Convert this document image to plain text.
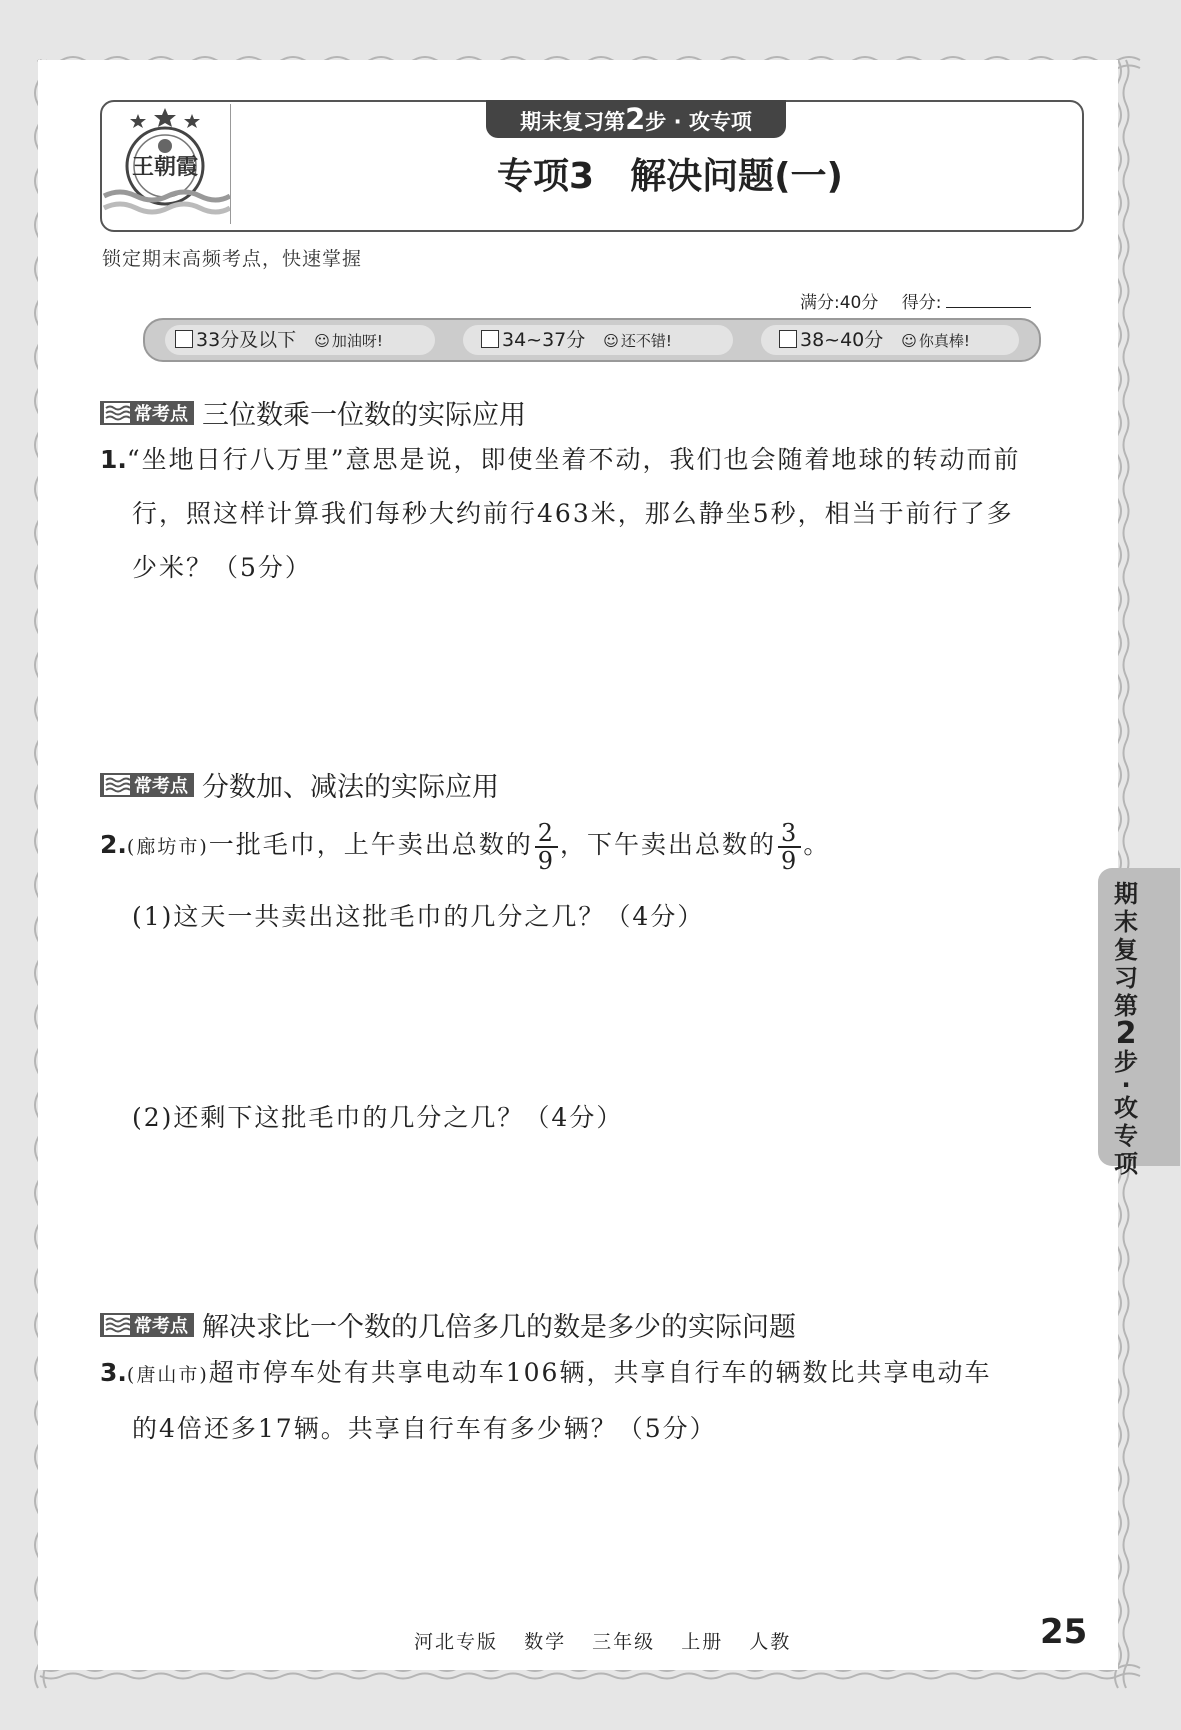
王朝霞
期末复习第2步 · 攻专项
专项3　解决问题(一)
锁定期末高频考点，快速掌握
满分:40分 得分:
33分及以下 ☺ 加油呀!	34~37分 ☺ 还不错!	38~40分 ☺ 你真棒!
常考点 三位数乘一位数的实际应用
1.“坐地日行八万里”意思是说，即使坐着不动，我们也会随着地球的转动而前
行，照这样计算我们每秒大约前行463米，那么静坐5秒，相当于前行了多
少米？（5分）
常考点 分数加、减法的实际应用
2.(廊坊市)一批毛巾，上午卖出总数的 $\frac{2}{9}$ ，下午卖出总数的 $\frac{3}{9}$ 。
(1)这天一共卖出这批毛巾的几分之几？（4分）
(2)还剩下这批毛巾的几分之几？（4分）
常考点 解决求比一个数的几倍多几的数是多少的实际问题
3.(唐山市)超市停车处有共享电动车106辆，共享自行车的辆数比共享电动车
的4倍还多17辆。共享自行车有多少辆？（5分）
期
末
复
习
第
2
步
·
攻
专
项
河北专版 数学 三年级 上册 人教	25
